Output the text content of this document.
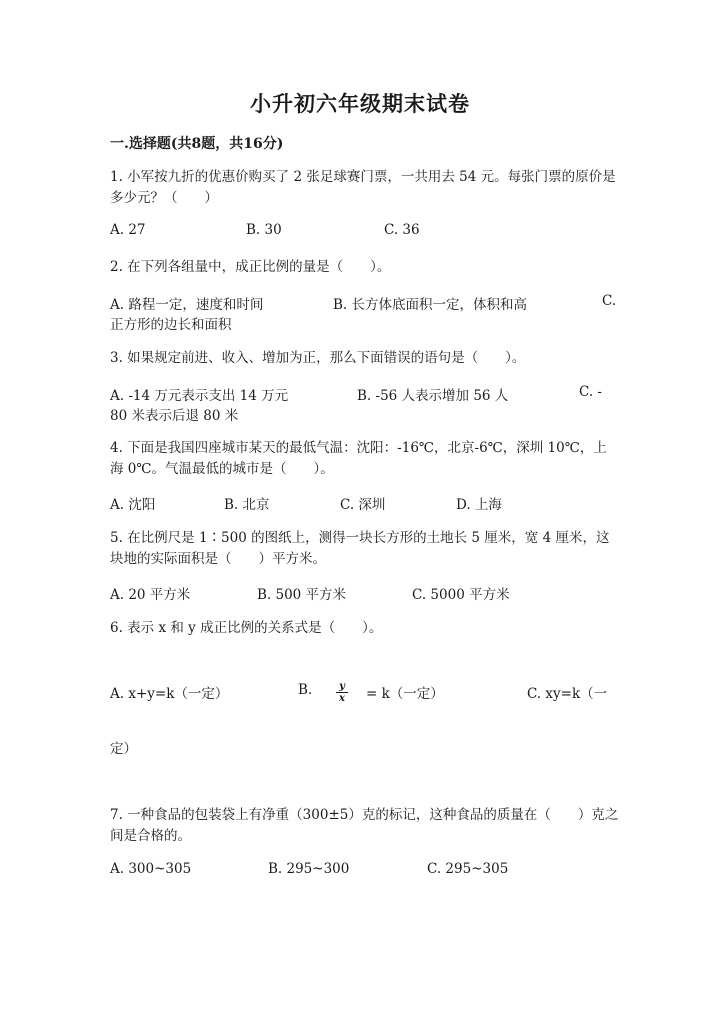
小升初六年级期末试卷
一.选择题(共8题，共16分)
1. 小军按九折的优惠价购买了 2 张足球赛门票，一共用去 54 元。每张门票的原价是多少元？（　　）
A. 27	B. 30	C. 36
2. 在下列各组量中，成正比例的量是（　　）。
A. 路程一定，速度和时间	B. 长方体底面积一定，体积和高	C.
正方形的边长和面积
3. 如果规定前进、收入、增加为正，那么下面错误的语句是（　　）。
A. -14 万元表示支出 14 万元	B. -56 人表示增加 56 人	C. -
80 米表示后退 80 米
4. 下面是我国四座城市某天的最低气温：沈阳：-16℃，北京-6℃，深圳 10℃，上海 0℃。气温最低的城市是（　　）。
A. 沈阳	B. 北京	C. 深圳	D. 上海
5. 在比例尺是 1∶500 的图纸上，测得一块长方形的土地长 5 厘米，宽 4 厘米，这块地的实际面积是（　　）平方米。
A. 20 平方米	B. 500 平方米	C. 5000 平方米
6. 表示 x 和 y 成正比例的关系式是（　　）。
A. x+y=k（一定）	B. $\frac{y}{x} = k$（一定）	C. xy=k（一
定）
7. 一种食品的包装袋上有净重（300±5）克的标记，这种食品的质量在（　　）克之间是合格的。
A. 300~305	B. 295~300	C. 295~305
